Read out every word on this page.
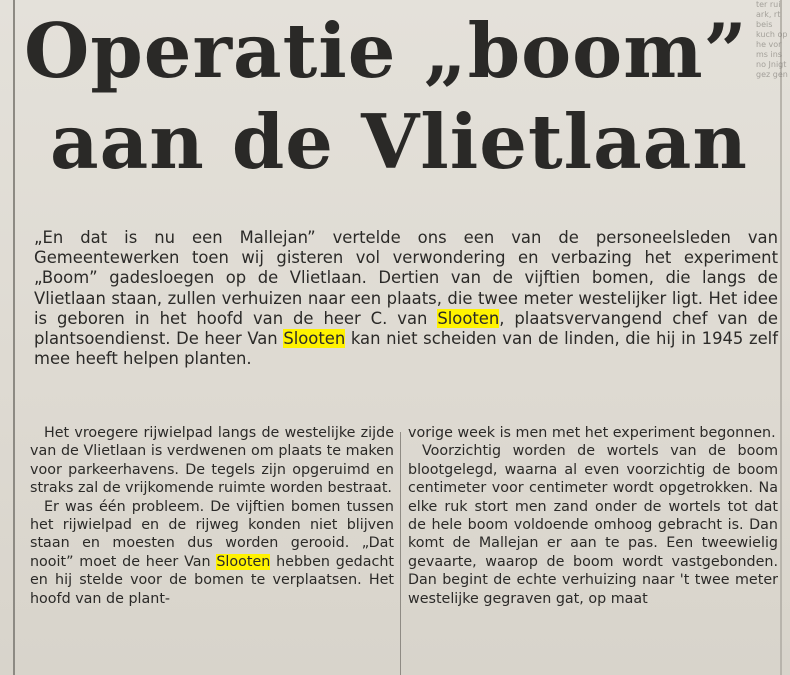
ter rui ark, rt beis kuch op he vor ms ins no Jnigt gez gen
Operatie „boom”
aan de Vlietlaan

„En dat is nu een Mallejan” vertelde ons een van de personeelsleden van Gemeentewerken toen wij gisteren vol verwondering en verbazing het experiment „Boom” gadesloegen op de Vlietlaan. Dertien van de vijftien bomen, die langs de Vlietlaan staan, zullen verhuizen naar een plaats, die twee meter westelijker ligt. Het idee is geboren in het hoofd van de heer C. van Slooten, plaatsvervangend chef van de plantsoendienst. De heer Van Slooten kan niet scheiden van de linden, die hij in 1945 zelf mee heeft helpen planten.

Het vroegere rijwielpad langs de westelijke zijde van de Vlietlaan is verdwenen om plaats te maken voor parkeerhavens. De tegels zijn opgeruimd en straks zal de vrijkomende ruimte worden bestraat.

Er was één probleem. De vijftien bomen tussen het rijwielpad en de rijweg konden niet blijven staan en moesten dus worden gerooid. „Dat nooit” moet de heer Van Slooten hebben gedacht en hij stelde voor de bomen te verplaatsen. Het hoofd van de plant-

vorige week is men met het experiment begonnen.

Voorzichtig worden de wortels van de boom blootgelegd, waarna al even voorzichtig de boom centimeter voor centimeter wordt opgetrokken. Na elke ruk stort men zand onder de wortels tot dat de hele boom voldoende omhoog gebracht is. Dan komt de Mallejan er aan te pas. Een tweewielig gevaarte, waarop de boom wordt vastgebonden. Dan begint de echte verhuizing naar 't twee meter westelijke gegraven gat, op maat
